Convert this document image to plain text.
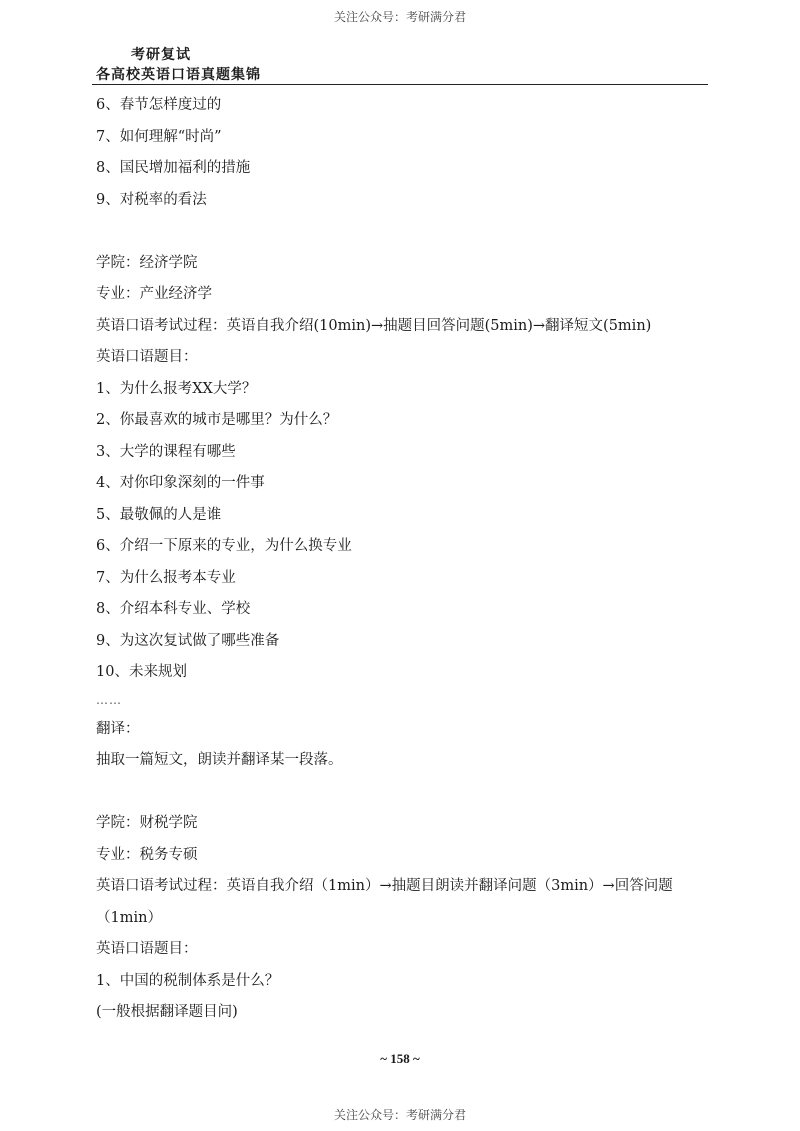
关注公众号：考研满分君
考研复试
各高校英语口语真题集锦
6、春节怎样度过的
7、如何理解“时尚”
8、国民增加福利的措施
9、对税率的看法
学院：经济学院
专业：产业经济学
英语口语考试过程：英语自我介绍(10min)→抽题目回答问题(5min)→翻译短文(5min)
英语口语题目：
1、为什么报考XX大学？
2、你最喜欢的城市是哪里？为什么？
3、大学的课程有哪些
4、对你印象深刻的一件事
5、最敬佩的人是谁
6、介绍一下原来的专业，为什么换专业
7、为什么报考本专业
8、介绍本科专业、学校
9、为这次复试做了哪些准备
10、未来规划
……
翻译：
抽取一篇短文，朗读并翻译某一段落。
学院：财税学院
专业：税务专硕
英语口语考试过程：英语自我介绍（1min）→抽题目朗读并翻译问题（3min）→回答问题（1min）
英语口语题目：
1、中国的税制体系是什么？
(一般根据翻译题目问)
~ 158 ~
关注公众号：考研满分君
